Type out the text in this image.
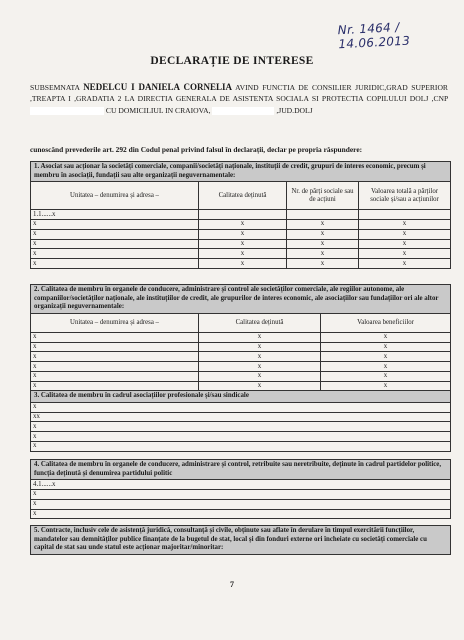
Nr. 1464 / 14.06.2013
DECLARAȚIE DE INTERESE
SUBSEMNATA NEDELCU I DANIELA CORNELIA AVIND FUNCTIA DE CONSILIER JURIDIC,GRAD SUPERIOR ,TREAPTA I ,GRADATIA 2 LA DIRECTIA GENERALA DE ASISTENTA SOCIALA SI PROTECTIA COPILULUI DOLJ ,CNP  CU DOMICILIUL IN CRAIOVA,	,JUD.DOLJ
cunoscând prevederile art. 292 din Codul penal privind falsul în declarații, declar pe propria răspundere:
1. Asociat sau acționar la societăți comerciale, companii/societăți naționale, instituții de credit, grupuri de interes economic, precum și membru în asociații, fundații sau alte organizații neguvernamentale:			
Unitatea – denumirea și adresa –	Calitatea deținută	Nr. de părți sociale sau de acțiuni	Valoarea totală a părților sociale și/sau a acțiunilor
1.1......x			
x	x	x	x
x	x	x	x
x	x	x	x
x	x	x	x
x	x	x	x
2. Calitatea de membru în organele de conducere, administrare și control ale societăților comerciale, ale regiilor autonome, ale companiilor/societăților naționale, ale instituțiilor de credit, ale grupurilor de interes economic, ale asociațiilor sau fundațiilor ori ale altor organizații neguvernamentale:		
Unitatea – denumirea și adresa –	Calitatea deținută	Valoarea beneficiilor
x	x	x
x	x	x
x	x	x
x	x	x
x	x	x
x	x	x
3. Calitatea de membru în cadrul asociațiilor profesionale și/sau sindicale
x
xx
x
x
x
4. Calitatea de membru în organele de conducere, administrare și control, retribuite sau neretribuite, deținute în cadrul partidelor politice, funcția deținută și denumirea partidului politic
4.1......x
x
x
x
5. Contracte, inclusiv cele de asistență juridică, consultanță și civile, obținute sau aflate în derulare în timpul exercitării funcțiilor, mandatelor sau demnităților publice finanțate de la bugetul de stat, local și din fonduri externe ori încheiate cu societăți comerciale cu capital de stat sau unde statul este acționar majoritar/minoritar:
7
